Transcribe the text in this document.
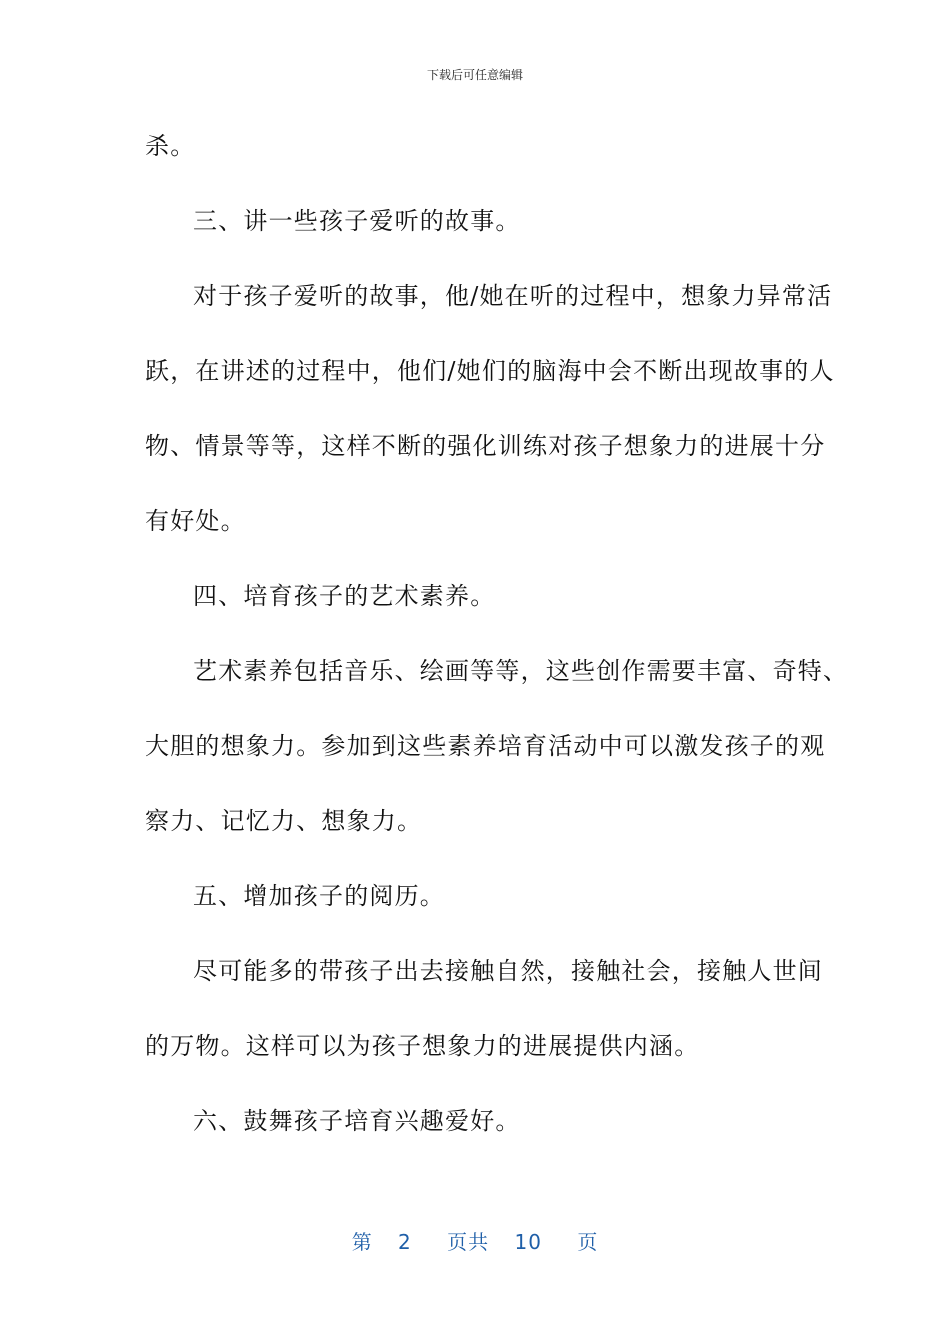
下载后可任意编辑
杀。
三、讲一些孩子爱听的故事。
对于孩子爱听的故事，他/她在听的过程中，想象力异常活
跃，在讲述的过程中，他们/她们的脑海中会不断出现故事的人
物、情景等等，这样不断的强化训练对孩子想象力的进展十分
有好处。
四、培育孩子的艺术素养。
艺术素养包括音乐、绘画等等，这些创作需要丰富、奇特、
大胆的想象力。参加到这些素养培育活动中可以激发孩子的观
察力、记忆力、想象力。
五、增加孩子的阅历。
尽可能多的带孩子出去接触自然，接触社会，接触人世间
的万物。这样可以为孩子想象力的进展提供内涵。
六、鼓舞孩子培育兴趣爱好。
第 2 页共 10 页
